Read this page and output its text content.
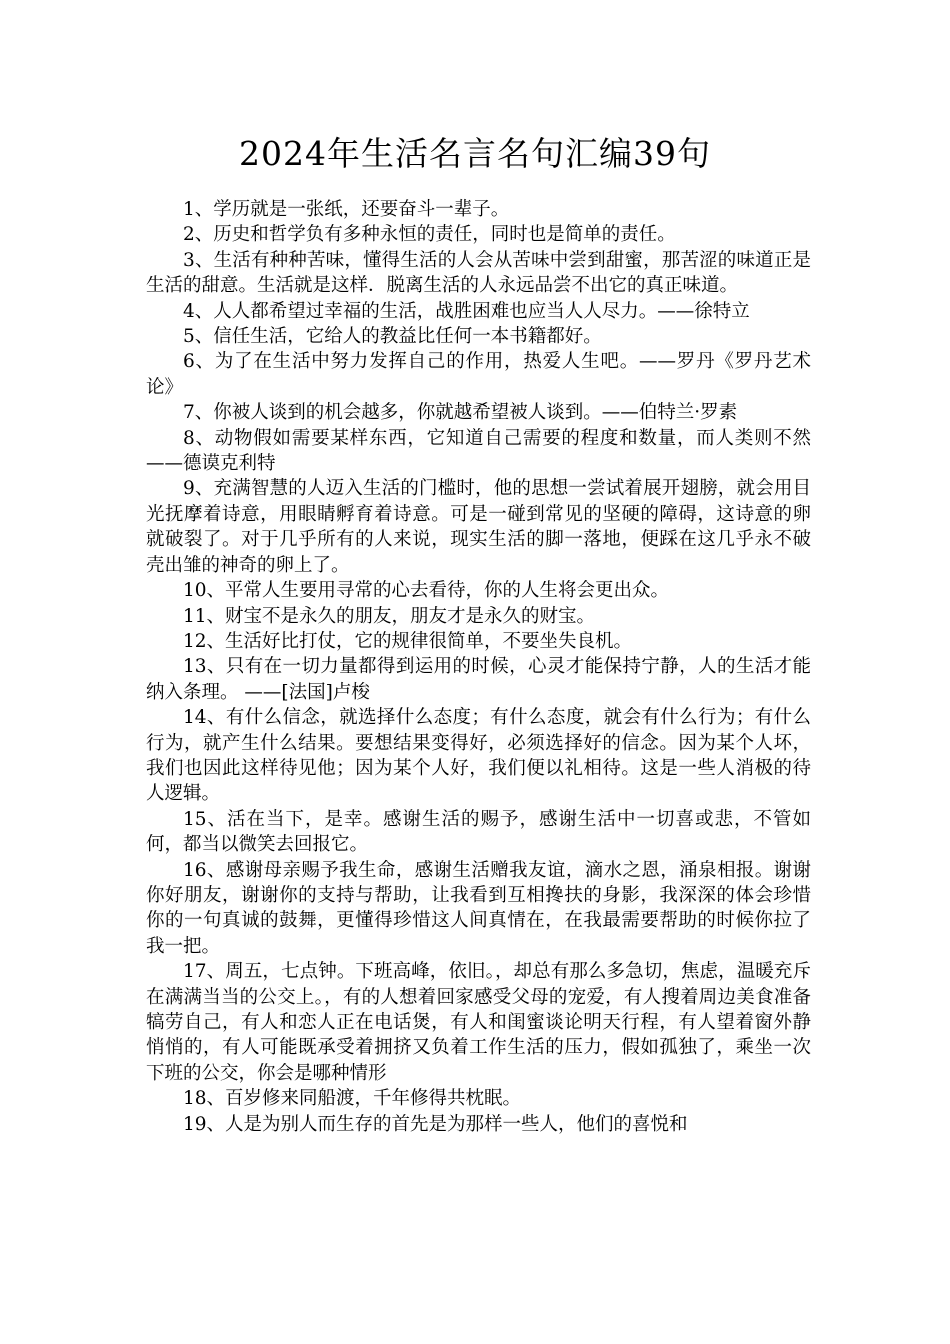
2024年生活名言名句汇编39句

1、学历就是一张纸，还要奋斗一辈子。

2、历史和哲学负有多种永恒的责任，同时也是简单的责任。

3、生活有种种苦味，懂得生活的人会从苦味中尝到甜蜜，那苦涩的味道正是生活的甜意。生活就是这样．脱离生活的人永远品尝不出它的真正味道。

4、人人都希望过幸福的生活，战胜困难也应当人人尽力。——徐特立

5、信任生活，它给人的教益比任何一本书籍都好。

6、为了在生活中努力发挥自己的作用，热爱人生吧。——罗丹《罗丹艺术论》

7、你被人谈到的机会越多，你就越希望被人谈到。——伯特兰·罗素

8、动物假如需要某样东西，它知道自己需要的程度和数量，而人类则不然——德谟克利特

9、充满智慧的人迈入生活的门槛时，他的思想一尝试着展开翅膀，就会用目光抚摩着诗意，用眼睛孵育着诗意。可是一碰到常见的坚硬的障碍，这诗意的卵就破裂了。对于几乎所有的人来说，现实生活的脚一落地，便踩在这几乎永不破壳出雏的神奇的卵上了。

10、平常人生要用寻常的心去看待，你的人生将会更出众。

11、财宝不是永久的朋友，朋友才是永久的财宝。

12、生活好比打仗，它的规律很简单，不要坐失良机。

13、只有在一切力量都得到运用的时候，心灵才能保持宁静，人的生活才能纳入条理。 ——[法国]卢梭

14、有什么信念，就选择什么态度；有什么态度，就会有什么行为；有什么行为，就产生什么结果。要想结果变得好，必须选择好的信念。因为某个人坏，我们也因此这样待见他；因为某个人好，我们便以礼相待。这是一些人消极的待人逻辑。

15、活在当下，是幸。感谢生活的赐予，感谢生活中一切喜或悲，不管如何，都当以微笑去回报它。

16、感谢母亲赐予我生命，感谢生活赠我友谊，滴水之恩，涌泉相报。谢谢你好朋友，谢谢你的支持与帮助，让我看到互相搀扶的身影，我深深的体会珍惜你的一句真诚的鼓舞，更懂得珍惜这人间真情在，在我最需要帮助的时候你拉了我一把。

17、周五，七点钟。下班高峰，依旧。，却总有那么多急切，焦虑，温暖充斥在满满当当的公交上。，有的人想着回家感受父母的宠爱，有人搜着周边美食准备犒劳自己，有人和恋人正在电话煲，有人和闺蜜谈论明天行程，有人望着窗外静悄悄的，有人可能既承受着拥挤又负着工作生活的压力，假如孤独了，乘坐一次下班的公交，你会是哪种情形

18、百岁修来同船渡，千年修得共枕眠。

19、人是为别人而生存的首先是为那样一些人，他们的喜悦和
